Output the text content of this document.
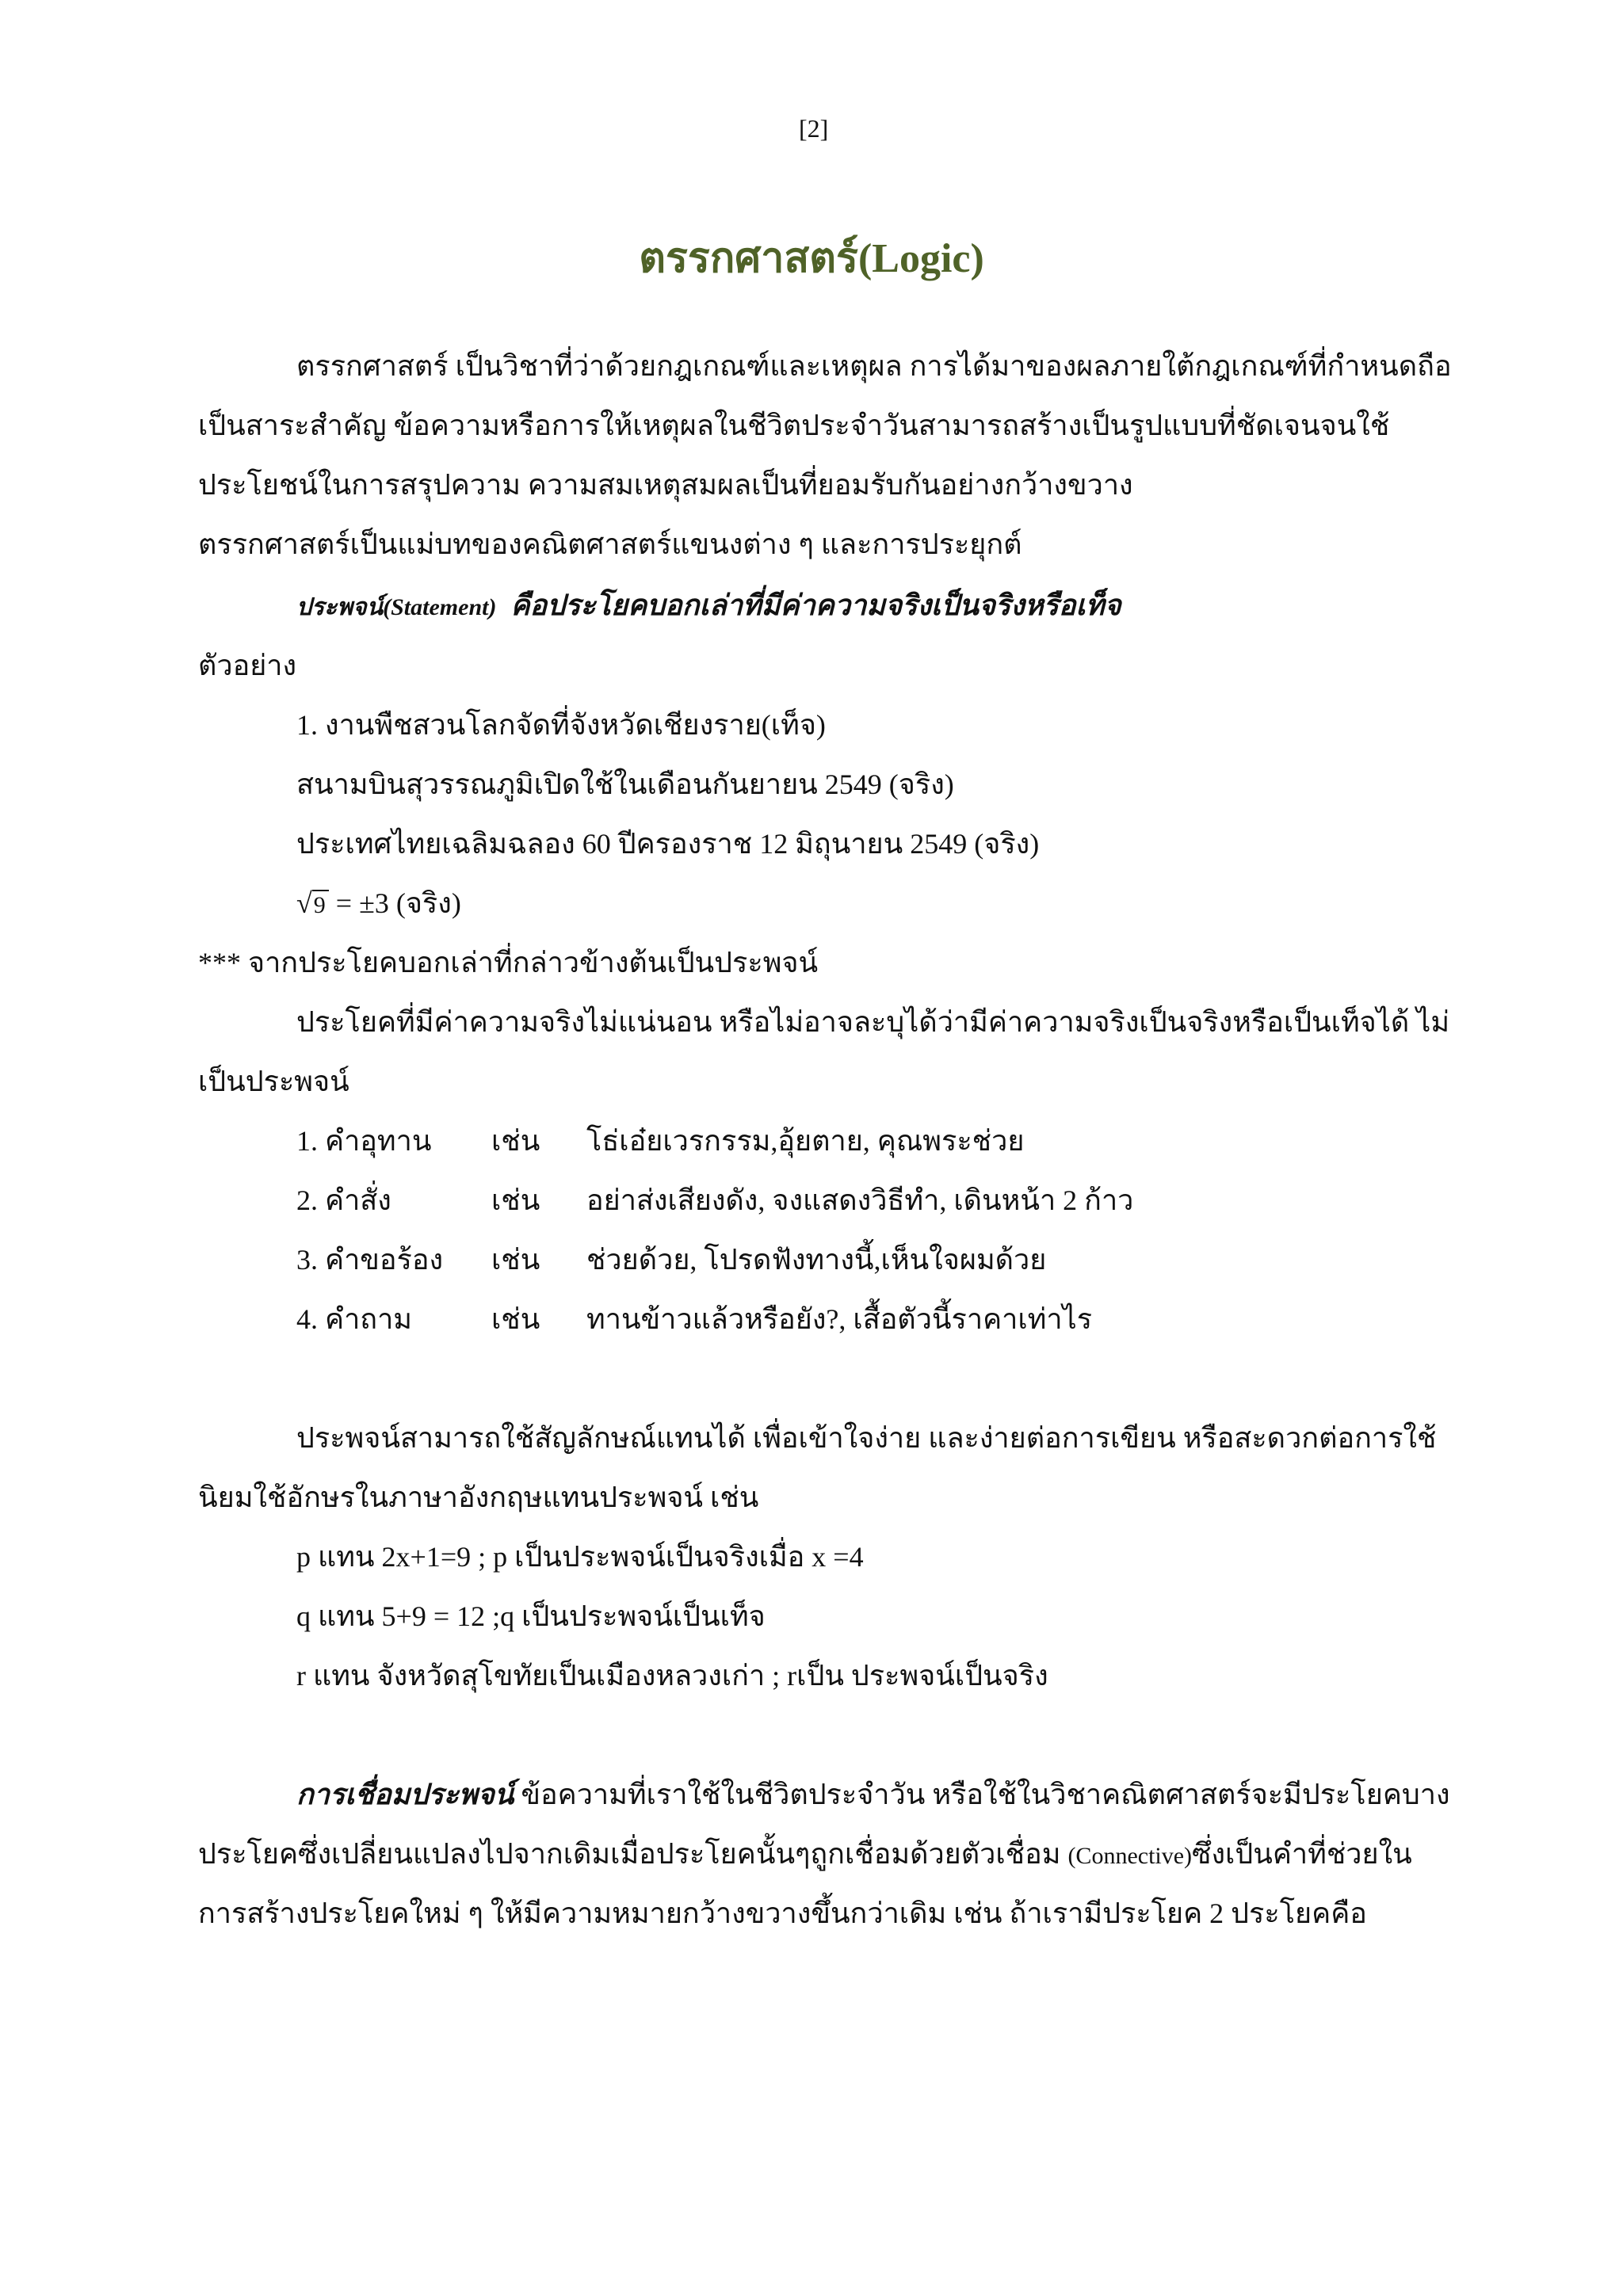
[2]
ตรรกศาสตร์(Logic)
ตรรกศาสตร์ เป็นวิชาที่ว่าด้วยกฎเกณฑ์และเหตุผล การได้มาของผลภายใต้กฎเกณฑ์ที่กำหนดถือ
เป็นสาระสำคัญ ข้อความหรือการให้เหตุผลในชีวิตประจำวันสามารถสร้างเป็นรูปแบบที่ชัดเจนจนใช้
ประโยชน์ในการสรุปความ ความสมเหตุสมผลเป็นที่ยอมรับกันอย่างกว้างขวาง
ตรรกศาสตร์เป็นแม่บทของคณิตศาสตร์แขนงต่าง ๆ และการประยุกต์
ประพจน์(Statement) คือประโยคบอกเล่าที่มีค่าความจริงเป็นจริงหรือเท็จ
ตัวอย่าง
1. งานพืชสวนโลกจัดที่จังหวัดเชียงราย(เท็จ)
สนามบินสุวรรณภูมิเปิดใช้ในเดือนกันยายน 2549 (จริง)
ประเทศไทยเฉลิมฉลอง 60 ปีครองราช 12 มิถุนายน 2549 (จริง)
√9 = ±3 (จริง)
*** จากประโยคบอกเล่าที่กล่าวข้างต้นเป็นประพจน์
ประโยคที่มีค่าความจริงไม่แน่นอน หรือไม่อาจละบุได้ว่ามีค่าความจริงเป็นจริงหรือเป็นเท็จได้ ไม่
เป็นประพจน์
1. คำอุทาน เช่น โธ่เอ๋ยเวรกรรม,อุ้ยตาย, คุณพระช่วย
2. คำสั่ง	เช่น อย่าส่งเสียงดัง, จงแสดงวิธีทำ, เดินหน้า 2 ก้าว
3. คำขอร้อง เช่น ช่วยด้วย, โปรดฟังทางนี้,เห็นใจผมด้วย
4. คำถาม	เช่น ทานข้าวแล้วหรือยัง?, เสื้อตัวนี้ราคาเท่าไร
ประพจน์สามารถใช้สัญลักษณ์แทนได้ เพื่อเข้าใจง่าย และง่ายต่อการเขียน หรือสะดวกต่อการใช้
นิยมใช้อักษรในภาษาอังกฤษแทนประพจน์ เช่น
p แทน 2x+1=9 ; p เป็นประพจน์เป็นจริงเมื่อ x =4
q แทน 5+9 = 12 ;q เป็นประพจน์เป็นเท็จ
r แทน จังหวัดสุโขทัยเป็นเมืองหลวงเก่า ; rเป็น ประพจน์เป็นจริง
การเชื่อมประพจน์ ข้อความที่เราใช้ในชีวิตประจำวัน หรือใช้ในวิชาคณิตศาสตร์จะมีประโยคบาง
ประโยคซึ่งเปลี่ยนแปลงไปจากเดิมเมื่อประโยคนั้นๆถูกเชื่อมด้วยตัวเชื่อม (Connective)ซึ่งเป็นคำที่ช่วยใน
การสร้างประโยคใหม่ ๆ ให้มีความหมายกว้างขวางขึ้นกว่าเดิม เช่น ถ้าเรามีประโยค 2 ประโยคคือ
